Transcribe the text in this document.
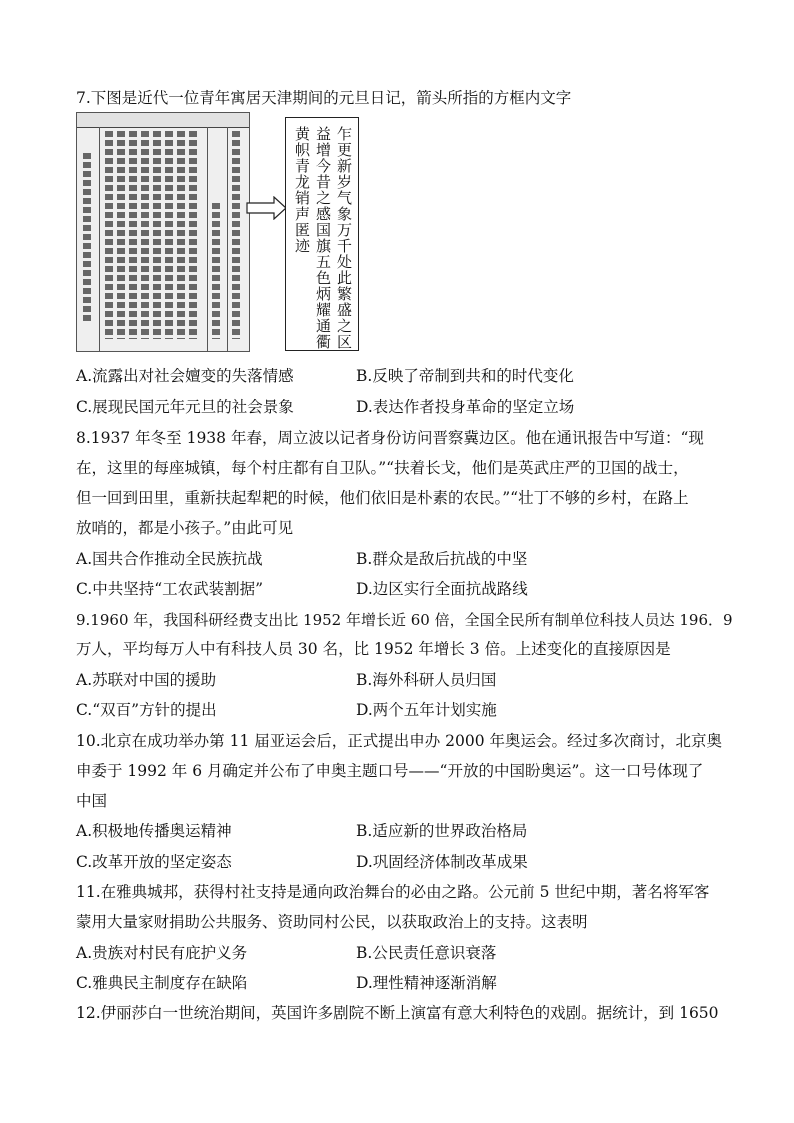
7.下图是近代一位青年寓居天津期间的元旦日记，箭头所指的方框内文字
乍更新岁气象万千处此繁盛之区
益增今昔之感国旗五色炳耀通衢
黄帜青龙销声匿迹
A.流露出对社会嬗变的失落情感	B.反映了帝制到共和的时代变化
C.展现民国元年元旦的社会景象	D.表达作者投身革命的坚定立场
8.1937 年冬至 1938 年春，周立波以记者身份访问晋察冀边区。他在通讯报告中写道：“现
在，这里的每座城镇，每个村庄都有自卫队。”“扶着长戈，他们是英武庄严的卫国的战士，
但一回到田里，重新扶起犁耙的时候，他们依旧是朴素的农民。”“壮丁不够的乡村，在路上
放哨的，都是小孩子。”由此可见
A.国共合作推动全民族抗战	B.群众是敌后抗战的中坚
C.中共坚持“工农武装割据”	D.边区实行全面抗战路线
9.1960 年，我国科研经费支出比 1952 年增长近 60 倍，全国全民所有制单位科技人员达 196．9
万人，平均每万人中有科技人员 30 名，比 1952 年增长 3 倍。上述变化的直接原因是
A.苏联对中国的援助	B.海外科研人员归国
C.“双百”方针的提出	D.两个五年计划实施
10.北京在成功举办第 11 届亚运会后，正式提出申办 2000 年奥运会。经过多次商讨，北京奥
申委于 1992 年 6 月确定并公布了申奥主题口号——“开放的中国盼奥运”。这一口号体现了
中国
A.积极地传播奥运精神	B.适应新的世界政治格局
C.改革开放的坚定姿态	D.巩固经济体制改革成果
11.在雅典城邦，获得村社支持是通向政治舞台的必由之路。公元前 5 世纪中期，著名将军客
蒙用大量家财捐助公共服务、资助同村公民，以获取政治上的支持。这表明
A.贵族对村民有庇护义务	B.公民责任意识衰落
C.雅典民主制度存在缺陷	D.理性精神逐渐消解
12.伊丽莎白一世统治期间，英国许多剧院不断上演富有意大利特色的戏剧。据统计，到 1650
